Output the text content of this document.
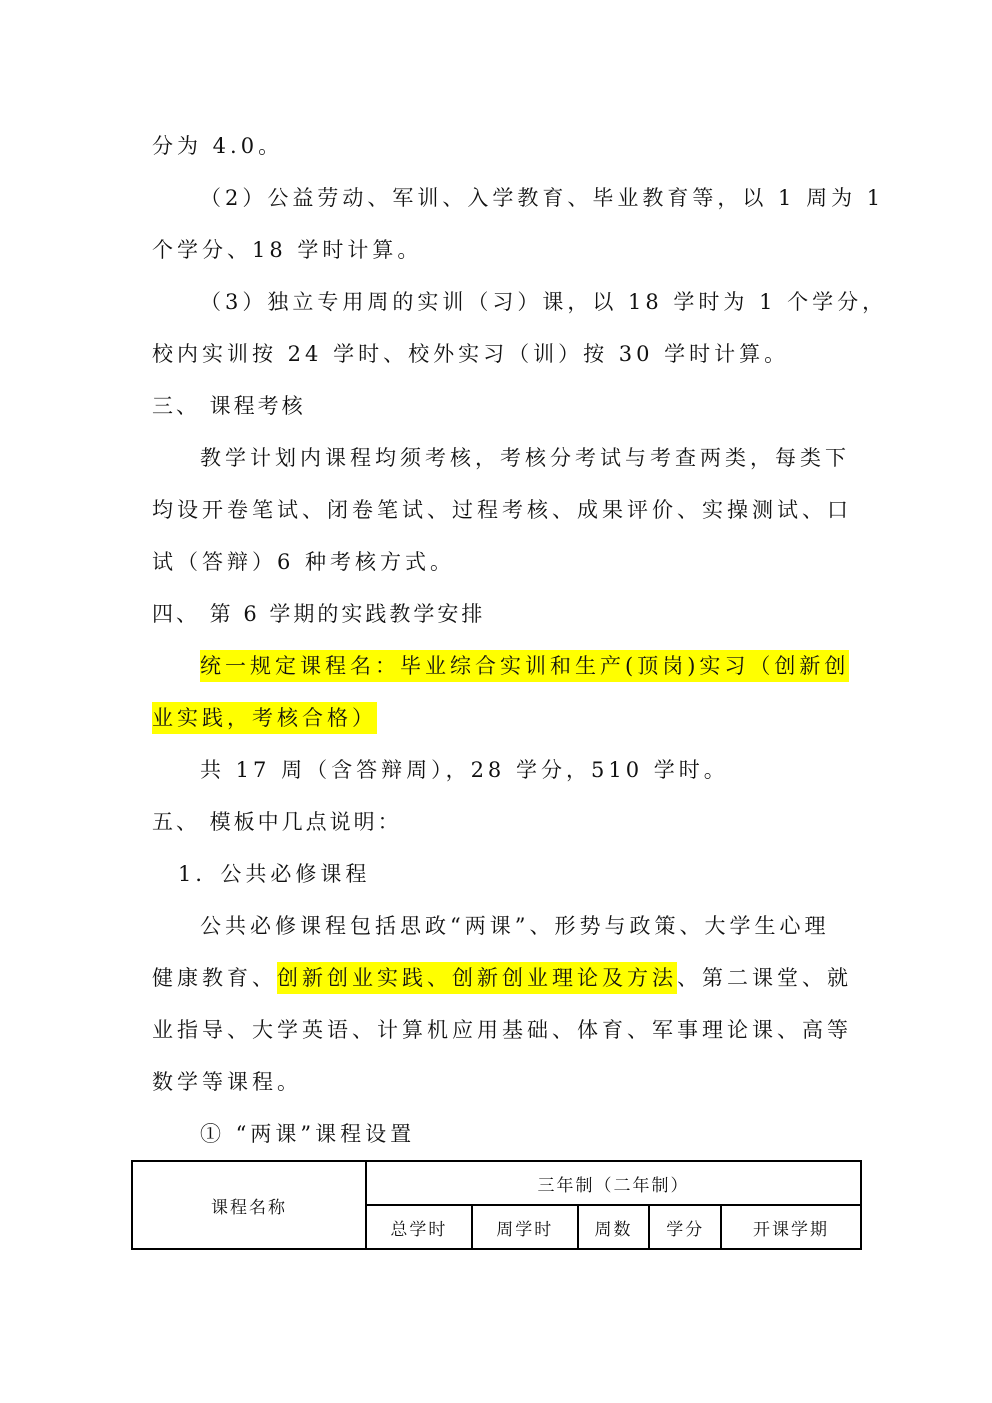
分为 4.0。
（2）公益劳动、军训、入学教育、毕业教育等，以 1 周为 1
个学分、18 学时计算。
（3）独立专用周的实训（习）课，以 18 学时为 1 个学分，
校内实训按 24 学时、校外实习（训）按 30 学时计算。
三、 课程考核
教学计划内课程均须考核，考核分考试与考查两类，每类下
均设开卷笔试、闭卷笔试、过程考核、成果评价、实操测试、口
试（答辩）6 种考核方式。
四、 第 6 学期的实践教学安排
统一规定课程名：毕业综合实训和生产(顶岗)实习（创新创
业实践，考核合格）
共 17 周（含答辩周），28 学分，510 学时。
五、 模板中几点说明：
1．公共必修课程
公共必修课程包括思政“两课”、形势与政策、大学生心理
健康教育、创新创业实践、创新创业理论及方法、第二课堂、就
业指导、大学英语、计算机应用基础、体育、军事理论课、高等
数学等课程。
① “两课”课程设置
课程名称	三年制（二年制）				
	总学时	周学时	周数	学分	开课学期
